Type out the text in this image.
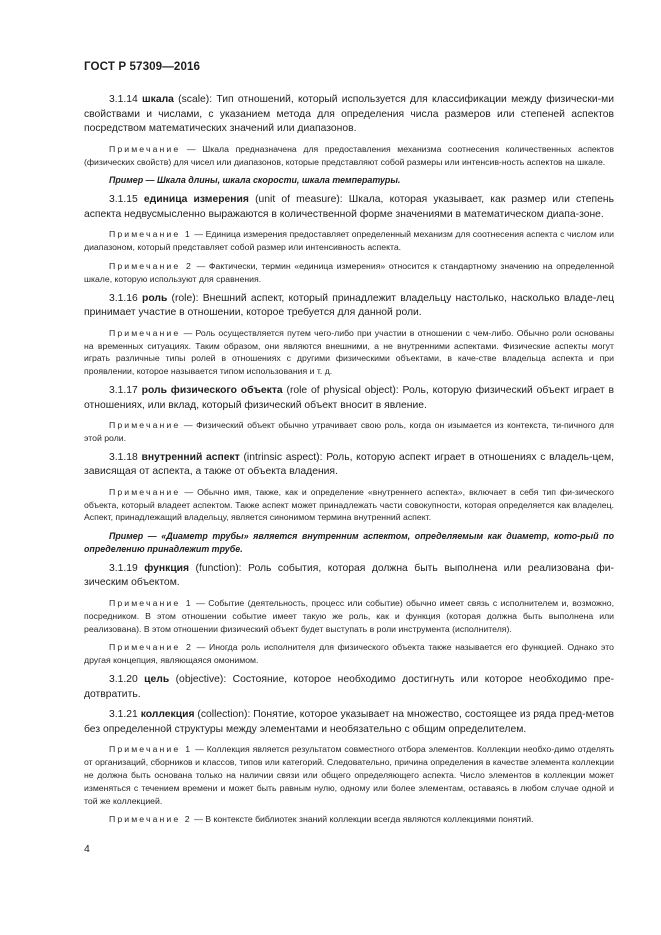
ГОСТ Р 57309—2016

3.1.14 шкала (scale): Тип отношений, который используется для классификации между физически-ми свойствами и числами, с указанием метода для определения числа размеров или степеней аспектов посредством математических значений или диапазонов.

Примечание — Шкала предназначена для предоставления механизма соотнесения количественных аспектов (физических свойств) для чисел или диапазонов, которые представляют собой размеры или интенсив-ность аспектов на шкале.

Пример — Шкала длины, шкала скорости, шкала температуры.

3.1.15 единица измерения (unit of measure): Шкала, которая указывает, как размер или степень аспекта недвусмысленно выражаются в количественной форме значениями в математическом диапа-зоне.

Примечание 1 — Единица измерения предоставляет определенный механизм для соотнесения аспекта с числом или диапазоном, который представляет собой размер или интенсивность аспекта.

Примечание 2 — Фактически, термин «единица измерения» относится к стандартному значению на определенной шкале, которую используют для сравнения.

3.1.16 роль (role): Внешний аспект, который принадлежит владельцу настолько, насколько владе-лец принимает участие в отношении, которое требуется для данной роли.

Примечание — Роль осуществляется путем чего-либо при участии в отношении с чем-либо. Обычно роли основаны на временных ситуациях. Таким образом, они являются внешними, а не внутренними аспектами. Физические аспекты могут играть различные типы ролей в отношениях с другими физическими объектами, в каче-стве владельца аспекта и при проявлении, которое называется типом использования и т. д.

3.1.17 роль физического объекта (role of physical object): Роль, которую физический объект играет в отношениях, или вклад, который физический объект вносит в явление.

Примечание — Физический объект обычно утрачивает свою роль, когда он изымается из контекста, ти-пичного для этой роли.

3.1.18 внутренний аспект (intrinsic aspect): Роль, которую аспект играет в отношениях с владель-цем, зависящая от аспекта, а также от объекта владения.

Примечание — Обычно имя, также, как и определение «внутреннего аспекта», включает в себя тип фи-зического объекта, который владеет аспектом. Также аспект может принадлежать части совокупности, которая определяется как владелец. Аспект, принадлежащий владельцу, является синонимом термина внутренний аспект.

Пример — «Диаметр трубы» является внутренним аспектом, определяемым как диаметр, кото-рый по определению принадлежит трубе.

3.1.19 функция (function): Роль события, которая должна быть выполнена или реализована фи-зическим объектом.

Примечание 1 — Событие (деятельность, процесс или событие) обычно имеет связь с исполнителем и, возможно, посредником. В этом отношении событие имеет такую же роль, как и функция (которая должна быть выполнена или реализована). В этом отношении физический объект будет выступать в роли инструмента (исполнителя).

Примечание 2 — Иногда роль исполнителя для физического объекта также называется его функцией. Однако это другая концепция, являющаяся омонимом.

3.1.20 цель (objective): Состояние, которое необходимо достигнуть или которое необходимо пре-дотвратить.

3.1.21 коллекция (collection): Понятие, которое указывает на множество, состоящее из ряда пред-метов без определенной структуры между элементами и необязательно с общим определителем.

Примечание 1 — Коллекция является результатом совместного отбора элементов. Коллекции необхо-димо отделять от организаций, сборников и классов, типов или категорий. Следовательно, причина определения в качестве элемента коллекции не должна быть основана только на наличии связи или общего определяющего аспекта. Число элементов в коллекции может изменяться с течением времени и может быть равным нулю, одному или более элементам, оставаясь в любом случае одной и той же коллекцией.

Примечание 2 — В контексте библиотек знаний коллекции всегда являются коллекциями понятий.

4
